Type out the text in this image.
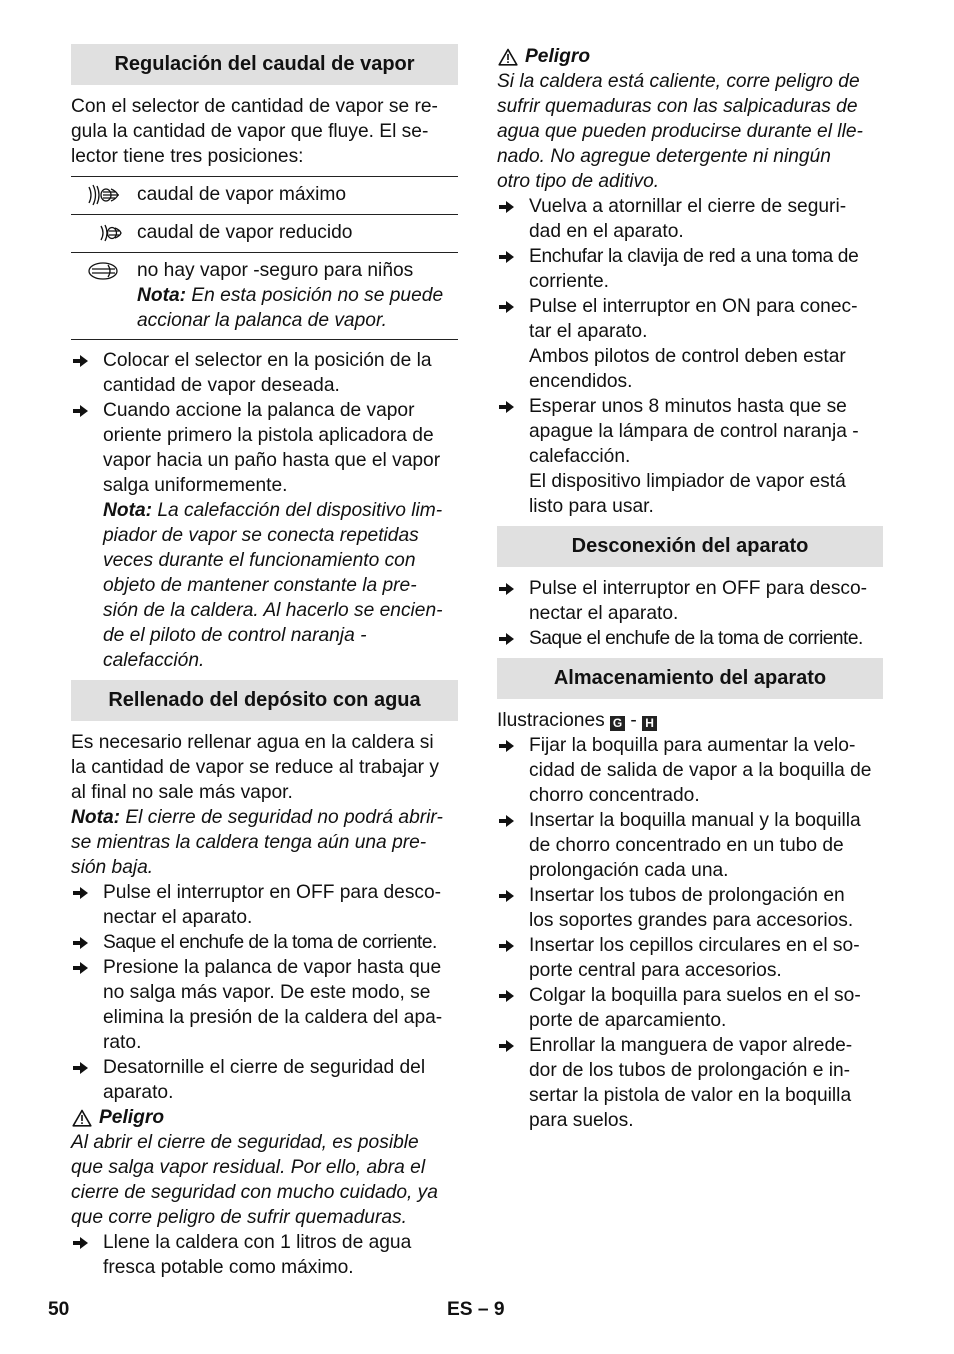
Regulación del caudal de vapor

Con el selector de cantidad de vapor se re-
gula la cantidad de vapor que fluye. El se-
lector tiene tres posiciones:

	caudal de vapor máximo
	caudal de vapor reducido
	no hay vapor -seguro para niños
Nota: En esta posición no se puede
accionar la palanca de vapor.
Colocar el selector en la posición de la
cantidad de vapor deseada.
Cuando accione la palanca de vapor
oriente primero la pistola aplicadora de
vapor hacia un paño hasta que el vapor
salga uniformemente.
Nota: La calefacción del dispositivo lim-
piador de vapor se conecta repetidas
veces durante el funcionamiento con
objeto de mantener constante la pre-
sión de la caldera. Al hacerlo se encien-
de el piloto de control naranja -
calefacción.
Rellenado del depósito con agua

Es necesario rellenar agua en la caldera si
la cantidad de vapor se reduce al trabajar y
al final no sale más vapor.

Nota: El cierre de seguridad no podrá abrir-
se mientras la caldera tenga aún una pre-
sión baja.

Pulse el interruptor en OFF para desco-
nectar el aparato.
Saque el enchufe de la toma de corriente.
Presione la palanca de vapor hasta que
no salga más vapor. De este modo, se
elimina la presión de la caldera del apa-
rato.
Desatornille el cierre de seguridad del
aparato.
Peligro

Al abrir el cierre de seguridad, es posible
que salga vapor residual. Por ello, abra el
cierre de seguridad con mucho cuidado, ya
que corre peligro de sufrir quemaduras.

Llene la caldera con 1 litros de agua
fresca potable como máximo.
Peligro

Si la caldera está caliente, corre peligro de
sufrir quemaduras con las salpicaduras de
agua que pueden producirse durante el lle-
nado. No agregue detergente ni ningún
otro tipo de aditivo.

Vuelva a atornillar el cierre de seguri-
dad en el aparato.
Enchufar la clavija de red a una toma de
corriente.
Pulse el interruptor en ON para conec-
tar el aparato.
Ambos pilotos de control deben estar
encendidos.
Esperar unos 8 minutos hasta que se
apague la lámpara de control naranja -
calefacción.
El dispositivo limpiador de vapor está
listo para usar.
Desconexión del aparato
Pulse el interruptor en OFF para desco-
nectar el aparato.
Saque el enchufe de la toma de corriente.
Almacenamiento del aparato

Ilustraciones G - H

Fijar la boquilla para aumentar la velo-
cidad de salida de vapor a la boquilla de
chorro concentrado.
Insertar la boquilla manual y la boquilla
de chorro concentrado en un tubo de
prolongación cada una.
Insertar los tubos de prolongación en
los soportes grandes para accesorios.
Insertar los cepillos circulares en el so-
porte central para accesorios.
Colgar la boquilla para suelos en el so-
porte de aparcamiento.
Enrollar la manguera de vapor alrede-
dor de los tubos de prolongación e in-
sertar la pistola de valor en la boquilla
para suelos.
50	ES – 9
